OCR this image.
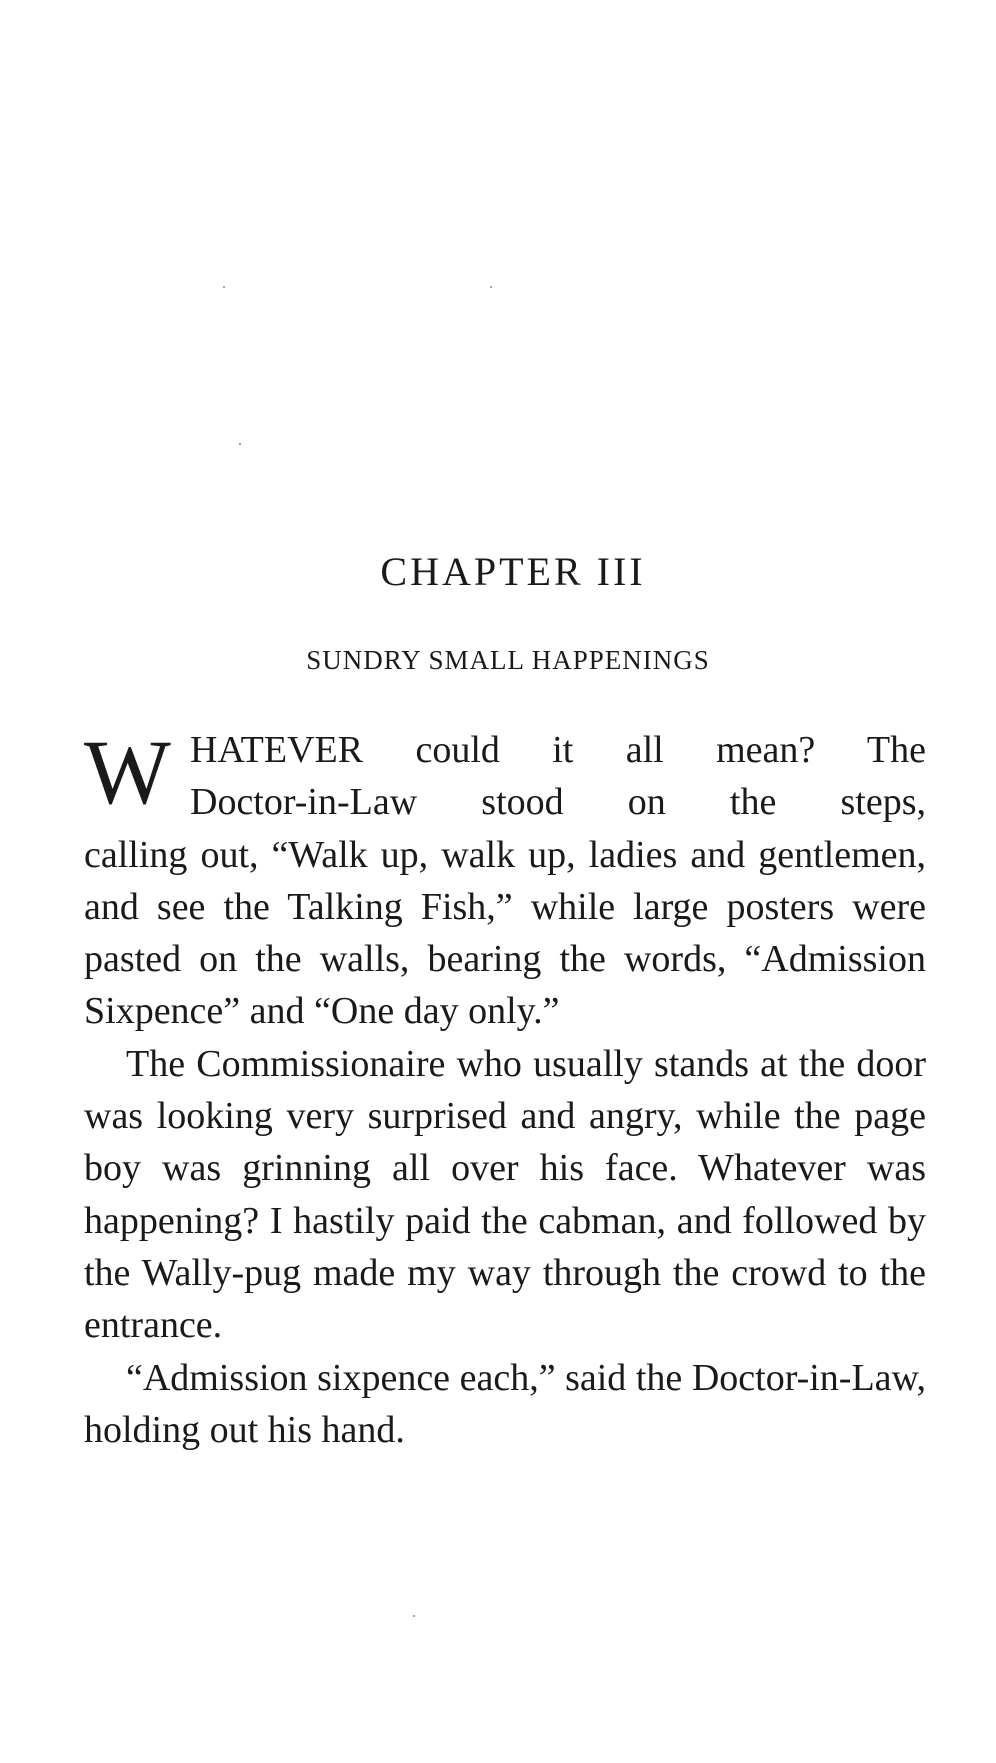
CHAPTER III
SUNDRY SMALL HAPPENINGS
W HATEVER could it all mean? The
Doctor-in-Law stood on the steps,

calling out, “Walk up, walk up, ladies and gentlemen, and see the Talking Fish,” while large posters were pasted on the walls, bearing the words, “Admission Sixpence” and “One day only.”

The Commissionaire who usually stands at the door was looking very surprised and angry, while the page boy was grinning all over his face. Whatever was happening? I hastily paid the cabman, and followed by the Wally-pug made my way through the crowd to the entrance.

“Admission sixpence each,” said the Doctor-in-Law, holding out his hand.
